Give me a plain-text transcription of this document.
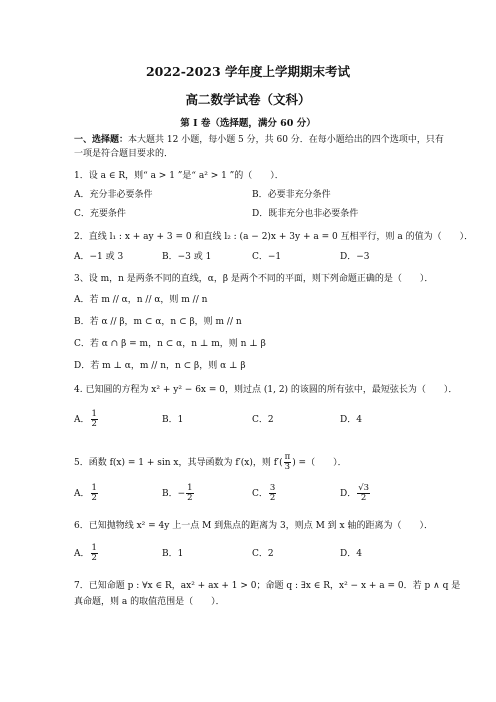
2022-2023 学年度上学期期末考试
高二数学试卷（文科）
第 I 卷（选择题，满分 60 分）
一、选择题：本大题共 12 小题，每小题 5 分，共 60 分．在每小题给出的四个选项中，只有
一项是符合题目要求的．
1．设 a ∈ R，则“ a > 1 ”是“ a² > 1 ”的（　　）．
A．充分非必要条件	B．必要非充分条件
C．充要条件	D．既非充分也非必要条件
2．直线 l₁ : x + ay + 3 = 0 和直线 l₂ : (a − 2)x + 3y + a = 0 互相平行，则 a 的值为（　　）．
A．−1 或 3	B．−3 或 1	C．−1	D．−3
3、设 m，n 是两条不同的直线，α，β 是两个不同的平面，则下列命题正确的是（　　）．
A．若 m // α，n // α，则 m // n
B．若 α // β，m ⊂ α，n ⊂ β，则 m // n
C．若 α ∩ β = m，n ⊂ α，n ⊥ m，则 n ⊥ β
D．若 m ⊥ α，m // n，n ⊂ β，则 α ⊥ β
4. 已知圆的方程为 x² + y² − 6x = 0，则过点 (1, 2) 的该圆的所有弦中，最短弦长为（　　）．
A． $\frac{1}{2}$	B．1	C．2	D．4
5．函数 f(x) = 1 + sin x，其导函数为 f′(x)，则 $f'( \frac{\pi}{3}$ ) =（　　）．
A． $\frac{1}{2}$	B．− $\frac{1}{2}$	C． $\frac{3}{2}$	D． $\frac{√3}{2}$
6．已知抛物线 x² = 4y 上一点 M 到焦点的距离为 3，则点 M 到 x 轴的距离为（　　）．
A． $\frac{1}{2}$	B．1	C．2	D．4
7．已知命题 p : ∀x ∈ R，ax² + ax + 1 > 0；命题 q : ∃x ∈ R，x² − x + a = 0．若 p ∧ q 是
真命题，则 a 的取值范围是（　　）．
